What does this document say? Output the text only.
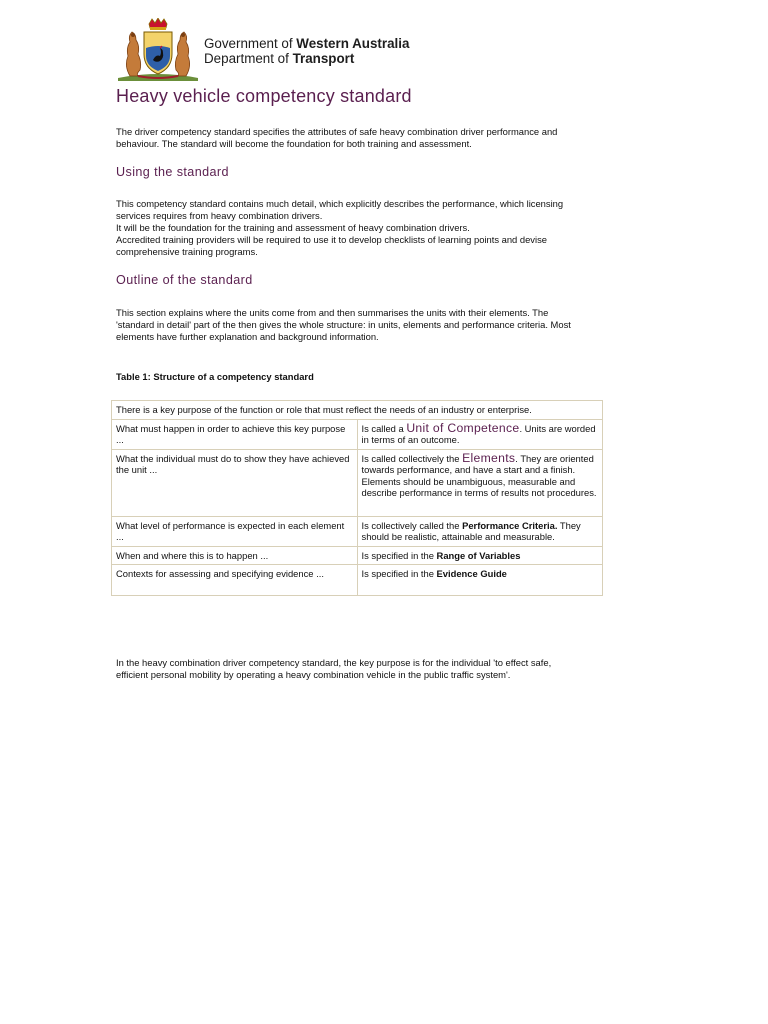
Government of Western Australia
Department of Transport
Heavy vehicle competency standard
The driver competency standard specifies the attributes of safe heavy combination driver performance and
behaviour. The standard will become the foundation for both training and assessment.
Using the standard
This competency standard contains much detail, which explicitly describes the performance, which licensing
services requires from heavy combination drivers.
It will be the foundation for the training and assessment of heavy combination drivers.
Accredited training providers will be required to use it to develop checklists of learning points and devise
comprehensive training programs.
Outline of the standard
This section explains where the units come from and then summarises the units with their elements. The
'standard in detail' part of the then gives the whole structure: in units, elements and performance criteria. Most
elements have further explanation and background information.
Table 1: Structure of a competency standard
There is a key purpose of the function or role that must reflect the needs of an industry or enterprise.	
What must happen in order to achieve this key purpose ...	Is called a Unit of Competence. Units are worded in terms of an outcome.
What the individual must do to show they have achieved the unit ...	Is called collectively the Elements. They are oriented towards performance, and have a start and a finish. Elements should be unambiguous, measurable and describe performance in terms of results not procedures.
What level of performance is expected in each element ...	Is collectively called the Performance Criteria. They should be realistic, attainable and measurable.
When and where this is to happen ...	Is specified in the Range of Variables
Contexts for assessing and specifying evidence ...	Is specified in the Evidence Guide
In the heavy combination driver competency standard, the key purpose is for the individual 'to effect safe,
efficient personal mobility by operating a heavy combination vehicle in the public traffic system'.
